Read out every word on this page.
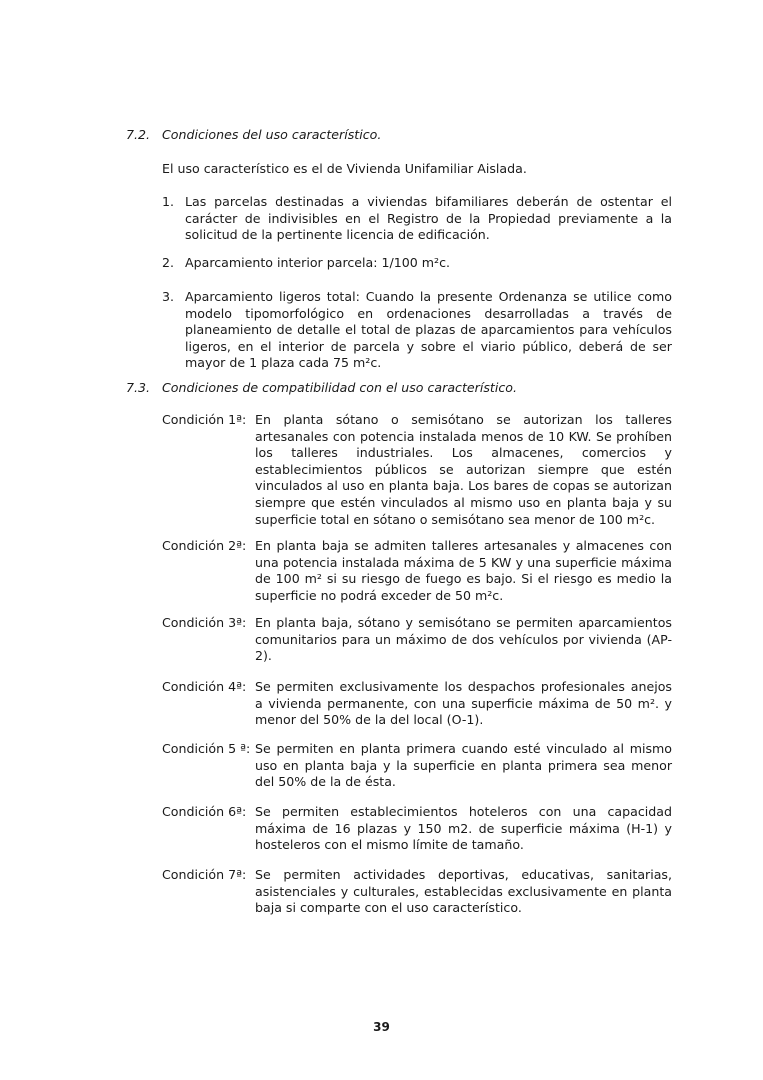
7.2. Condiciones del uso característico.
El uso característico es el de Vivienda Unifamiliar Aislada.
1. Las parcelas destinadas a viviendas bifamiliares deberán de ostentar el carácter de indivisibles en el Registro de la Propiedad previamente a la solicitud de la pertinente licencia de edificación.
2. Aparcamiento interior parcela: 1/100 m²c.
3. Aparcamiento ligeros total: Cuando la presente Ordenanza se utilice como modelo tipomorfológico en ordenaciones desarrolladas a través de planeamiento de detalle el total de plazas de aparcamientos para vehículos ligeros, en el interior de parcela y sobre el viario público, deberá de ser mayor de 1 plaza cada 75 m²c.
7.3. Condiciones de compatibilidad con el uso característico.
Condición 1ª: En planta sótano o semisótano se autorizan los talleres artesanales con potencia instalada menos de 10 KW. Se prohíben los talleres industriales. Los almacenes, comercios y establecimientos públicos se autorizan siempre que estén vinculados al uso en planta baja. Los bares de copas se autorizan siempre que estén vinculados al mismo uso en planta baja y su superficie total en sótano o semisótano sea menor de 100 m²c.
Condición 2ª: En planta baja se admiten talleres artesanales y almacenes con una potencia instalada máxima de 5 KW y una superficie máxima de 100 m² si su riesgo de fuego es bajo. Si el riesgo es medio la superficie no podrá exceder de 50 m²c.
Condición 3ª: En planta baja, sótano y semisótano se permiten aparcamientos comunitarios para un máximo de dos vehículos por vivienda (AP-2).
Condición 4ª: Se permiten exclusivamente los despachos profesionales anejos a vivienda permanente, con una superficie máxima de 50 m². y menor del 50% de la del local (O-1).
Condición 5 ª: Se permiten en planta primera cuando esté vinculado al mismo uso en planta baja y la superficie en planta primera sea menor del 50% de la de ésta.
Condición 6ª: Se permiten establecimientos hoteleros con una capacidad máxima de 16 plazas y 150 m2. de superficie máxima (H-1) y hosteleros con el mismo límite de tamaño.
Condición 7ª: Se permiten actividades deportivas, educativas, sanitarias, asistenciales y culturales, establecidas exclusivamente en planta baja si comparte con el uso característico.
39
